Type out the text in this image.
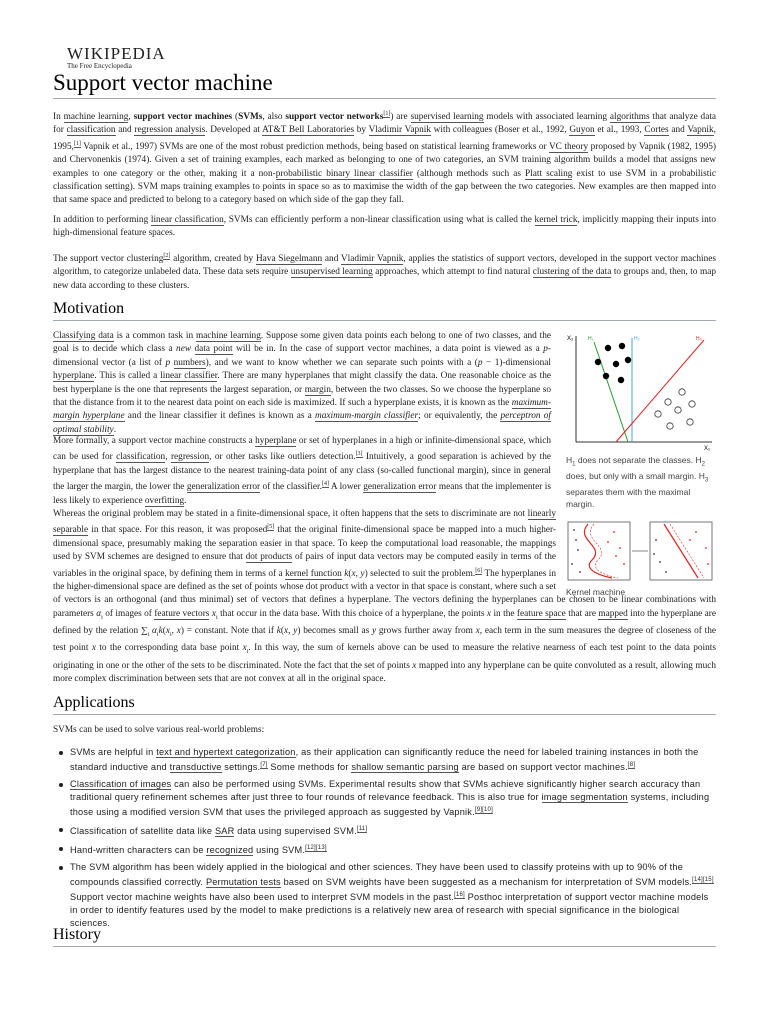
WIKIPEDIA
The Free Encyclopedia
Support vector machine

In machine learning, support vector machines (SVMs, also support vector networks[1]) are supervised learning models with associated learning algorithms that analyze data for classification and regression analysis. Developed at AT&T Bell Laboratories by Vladimir Vapnik with colleagues (Boser et al., 1992, Guyon et al., 1993, Cortes and Vapnik, 1995,[1] Vapnik et al., 1997) SVMs are one of the most robust prediction methods, being based on statistical learning frameworks or VC theory proposed by Vapnik (1982, 1995) and Chervonenkis (1974). Given a set of training examples, each marked as belonging to one of two categories, an SVM training algorithm builds a model that assigns new examples to one category or the other, making it a non-probabilistic binary linear classifier (although methods such as Platt scaling exist to use SVM in a probabilistic classification setting). SVM maps training examples to points in space so as to maximise the width of the gap between the two categories. New examples are then mapped into that same space and predicted to belong to a category based on which side of the gap they fall.

In addition to performing linear classification, SVMs can efficiently perform a non-linear classification using what is called the kernel trick, implicitly mapping their inputs into high-dimensional feature spaces.

The support vector clustering[2] algorithm, created by Hava Siegelmann and Vladimir Vapnik, applies the statistics of support vectors, developed in the support vector machines algorithm, to categorize unlabeled data. These data sets require unsupervised learning approaches, which attempt to find natural clustering of the data to groups and, then, to map new data according to these clusters.

Motivation

Classifying data is a common task in machine learning. Suppose some given data points each belong to one of two classes, and the goal is to decide which class a new data point will be in. In the case of support vector machines, a data point is viewed as a p-dimensional vector (a list of p numbers), and we want to know whether we can separate such points with a (p − 1)-dimensional hyperplane. This is called a linear classifier. There are many hyperplanes that might classify the data. One reasonable choice as the best hyperplane is the one that represents the largest separation, or margin, between the two classes. So we choose the hyperplane so that the distance from it to the nearest data point on each side is maximized. If such a hyperplane exists, it is known as the maximum-margin hyperplane and the linear classifier it defines is known as a maximum-margin classifier; or equivalently, the perceptron of optimal stability.

More formally, a support vector machine constructs a hyperplane or set of hyperplanes in a high or infinite-dimensional space, which can be used for classification, regression, or other tasks like outliers detection.[3] Intuitively, a good separation is achieved by the hyperplane that has the largest distance to the nearest training-data point of any class (so-called functional margin), since in general the larger the margin, the lower the generalization error of the classifier.[4] A lower generalization error means that the implementer is less likely to experience overfitting.

X₂
X₁
H₁	H₂	H₃
$H_1$ does not separate the classes. $H_2$ does, but only with a small margin. $H_3$ separates them with the maximal margin.
Kernel machine

Whereas the original problem may be stated in a finite-dimensional space, it often happens that the sets to discriminate are not linearly separable in that space. For this reason, it was proposed[5] that the original finite-dimensional space be mapped into a much higher-dimensional space, presumably making the separation easier in that space. To keep the computational load reasonable, the mappings used by SVM schemes are designed to ensure that dot products of pairs of input data vectors may be computed easily in terms of the variables in the original space, by defining them in terms of a kernel function k(x, y) selected to suit the problem.[6] The hyperplanes in the higher-dimensional space are defined as the set of points whose dot product with a vector in that space is constant, where such a set of vectors is an orthogonal (and thus minimal) set of vectors that defines a hyperplane. The vectors defining the hyperplanes can be chosen to be linear combinations with parameters $\alpha_i$ of images of feature vectors $x_i$ that occur in the data base. With this choice of a hyperplane, the points x in the feature space that are mapped into the hyperplane are defined by the relation $\sum_i$ $\alpha_ik(x_i$, x) = constant. Note that if k(x, y) becomes small as y grows further away from x, each term in the sum measures the degree of closeness of the test point x to the corresponding data base point $x_i$. In this way, the sum of kernels above can be used to measure the relative nearness of each test point to the data points originating in one or the other of the sets to be discriminated. Note the fact that the set of points x mapped into any hyperplane can be quite convoluted as a result, allowing much more complex discrimination between sets that are not convex at all in the original space.

Applications

SVMs can be used to solve various real-world problems:

SVMs are helpful in text and hypertext categorization, as their application can significantly reduce the need for labeled training instances in both the standard inductive and transductive settings.[7] Some methods for shallow semantic parsing are based on support vector machines.[8]
Classification of images can also be performed using SVMs. Experimental results show that SVMs achieve significantly higher search accuracy than traditional query refinement schemes after just three to four rounds of relevance feedback. This is also true for image segmentation systems, including those using a modified version SVM that uses the privileged approach as suggested by Vapnik.[9][10]
Classification of satellite data like SAR data using supervised SVM.[11]
Hand-written characters can be recognized using SVM.[12][13]
The SVM algorithm has been widely applied in the biological and other sciences. They have been used to classify proteins with up to 90% of the compounds classified correctly. Permutation tests based on SVM weights have been suggested as a mechanism for interpretation of SVM models.[14][15] Support vector machine weights have also been used to interpret SVM models in the past.[16] Posthoc interpretation of support vector machine models in order to identify features used by the model to make predictions is a relatively new area of research with special significance in the biological sciences.
History
